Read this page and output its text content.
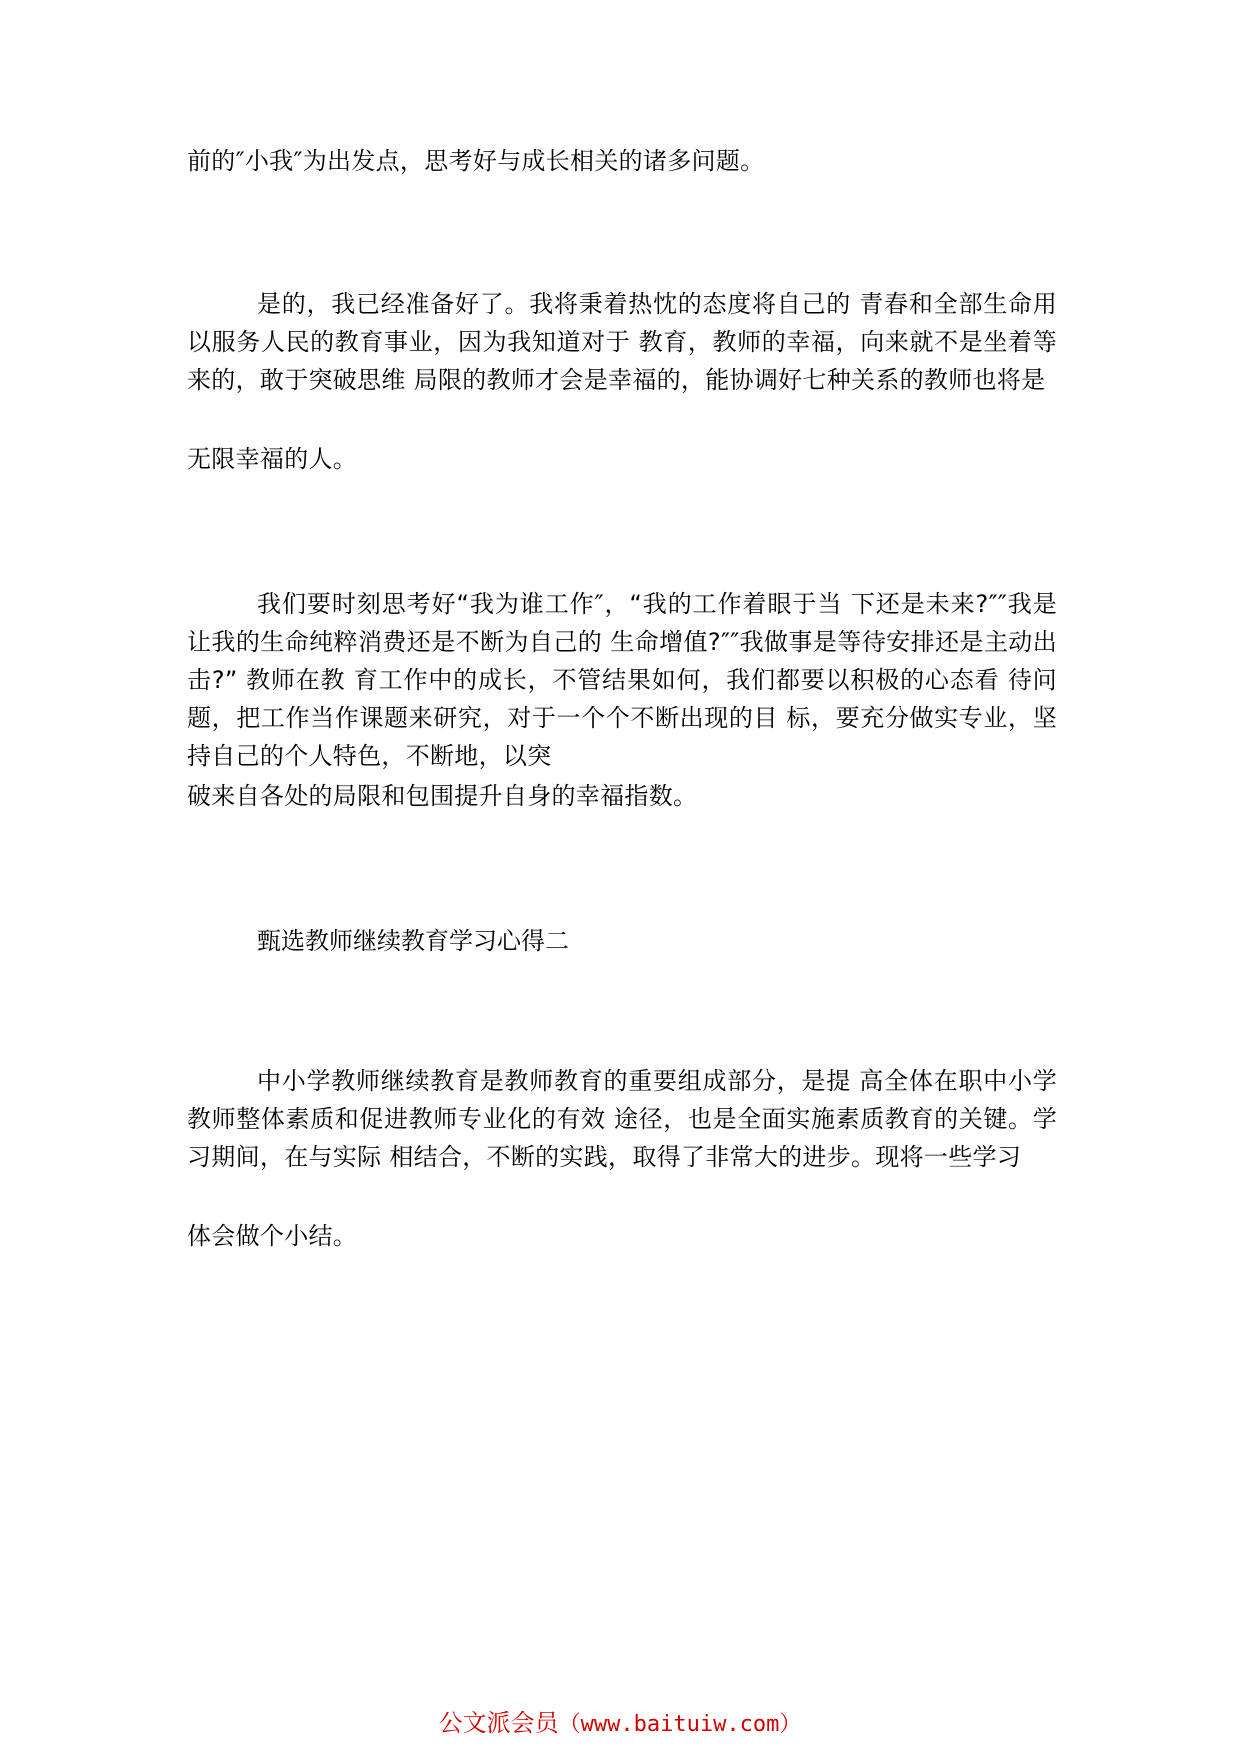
前的″小我″为出发点，思考好与成长相关的诸多问题。

是的，我已经准备好了。我将秉着热忱的态度将自己的 青春和全部生命用以服务人民的教育事业，因为我知道对于 教育，教师的幸福，向来就不是坐着等来的，敢于突破思维 局限的教师才会是幸福的，能协调好七种关系的教师也将是

无限幸福的人。

我们要时刻思考好“我为谁工作″，“我的工作着眼于当 下还是未来?″″我是让我的生命纯粹消费还是不断为自己的 生命增值?″″我做事是等待安排还是主动出击?” 教师在教 育工作中的成长，不管结果如何，我们都要以积极的心态看 待问题，把工作当作课题来研究，对于一个个不断出现的目 标，要充分做实专业，坚持自己的个人特色，不断地，以突

破来自各处的局限和包围提升自身的幸福指数。

甄选教师继续教育学习心得二

中小学教师继续教育是教师教育的重要组成部分，是提 高全体在职中小学教师整体素质和促进教师专业化的有效 途径，也是全面实施素质教育的关键。学习期间，在与实际 相结合，不断的实践，取得了非常大的进步。现将一些学习

体会做个小结。

公文派会员（www.baituiw.com）
